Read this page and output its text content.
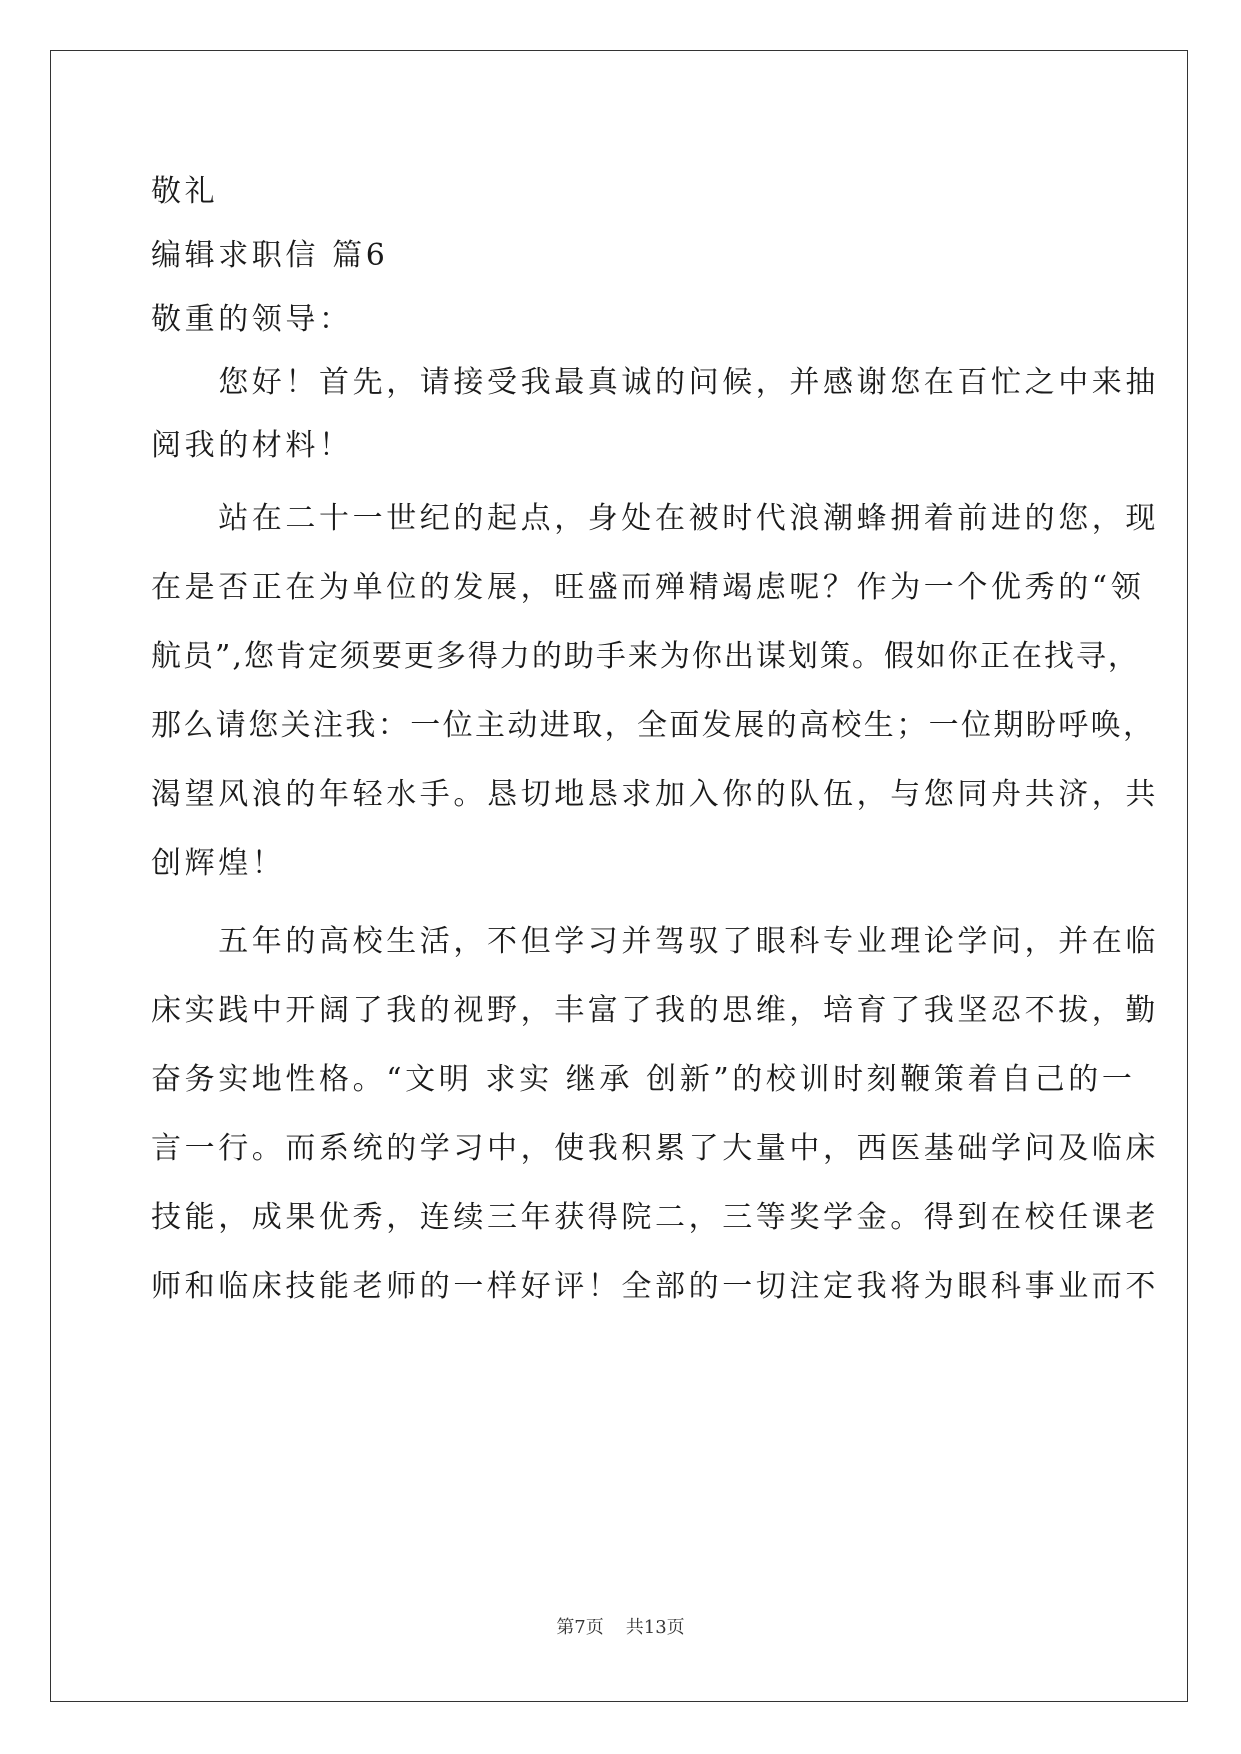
敬礼

编辑求职信 篇6

敬重的领导：

　　您好！首先，请接受我最真诚的问候，并感谢您在百忙之中来抽

阅我的材料！

　　站在二十一世纪的起点，身处在被时代浪潮蜂拥着前进的您，现

在是否正在为单位的发展，旺盛而殚精竭虑呢？作为一个优秀的“领

航员”,您肯定须要更多得力的助手来为你出谋划策。假如你正在找寻，

那么请您关注我：一位主动进取，全面发展的高校生；一位期盼呼唤，

渴望风浪的年轻水手。恳切地恳求加入你的队伍，与您同舟共济，共

创辉煌！

　　五年的高校生活，不但学习并驾驭了眼科专业理论学问，并在临

床实践中开阔了我的视野，丰富了我的思维，培育了我坚忍不拔，勤

奋务实地性格。“文明 求实 继承 创新”的校训时刻鞭策着自己的一

言一行。而系统的学习中，使我积累了大量中，西医基础学问及临床

技能，成果优秀，连续三年获得院二，三等奖学金。得到在校任课老

师和临床技能老师的一样好评！全部的一切注定我将为眼科事业而不

第7页 共13页
